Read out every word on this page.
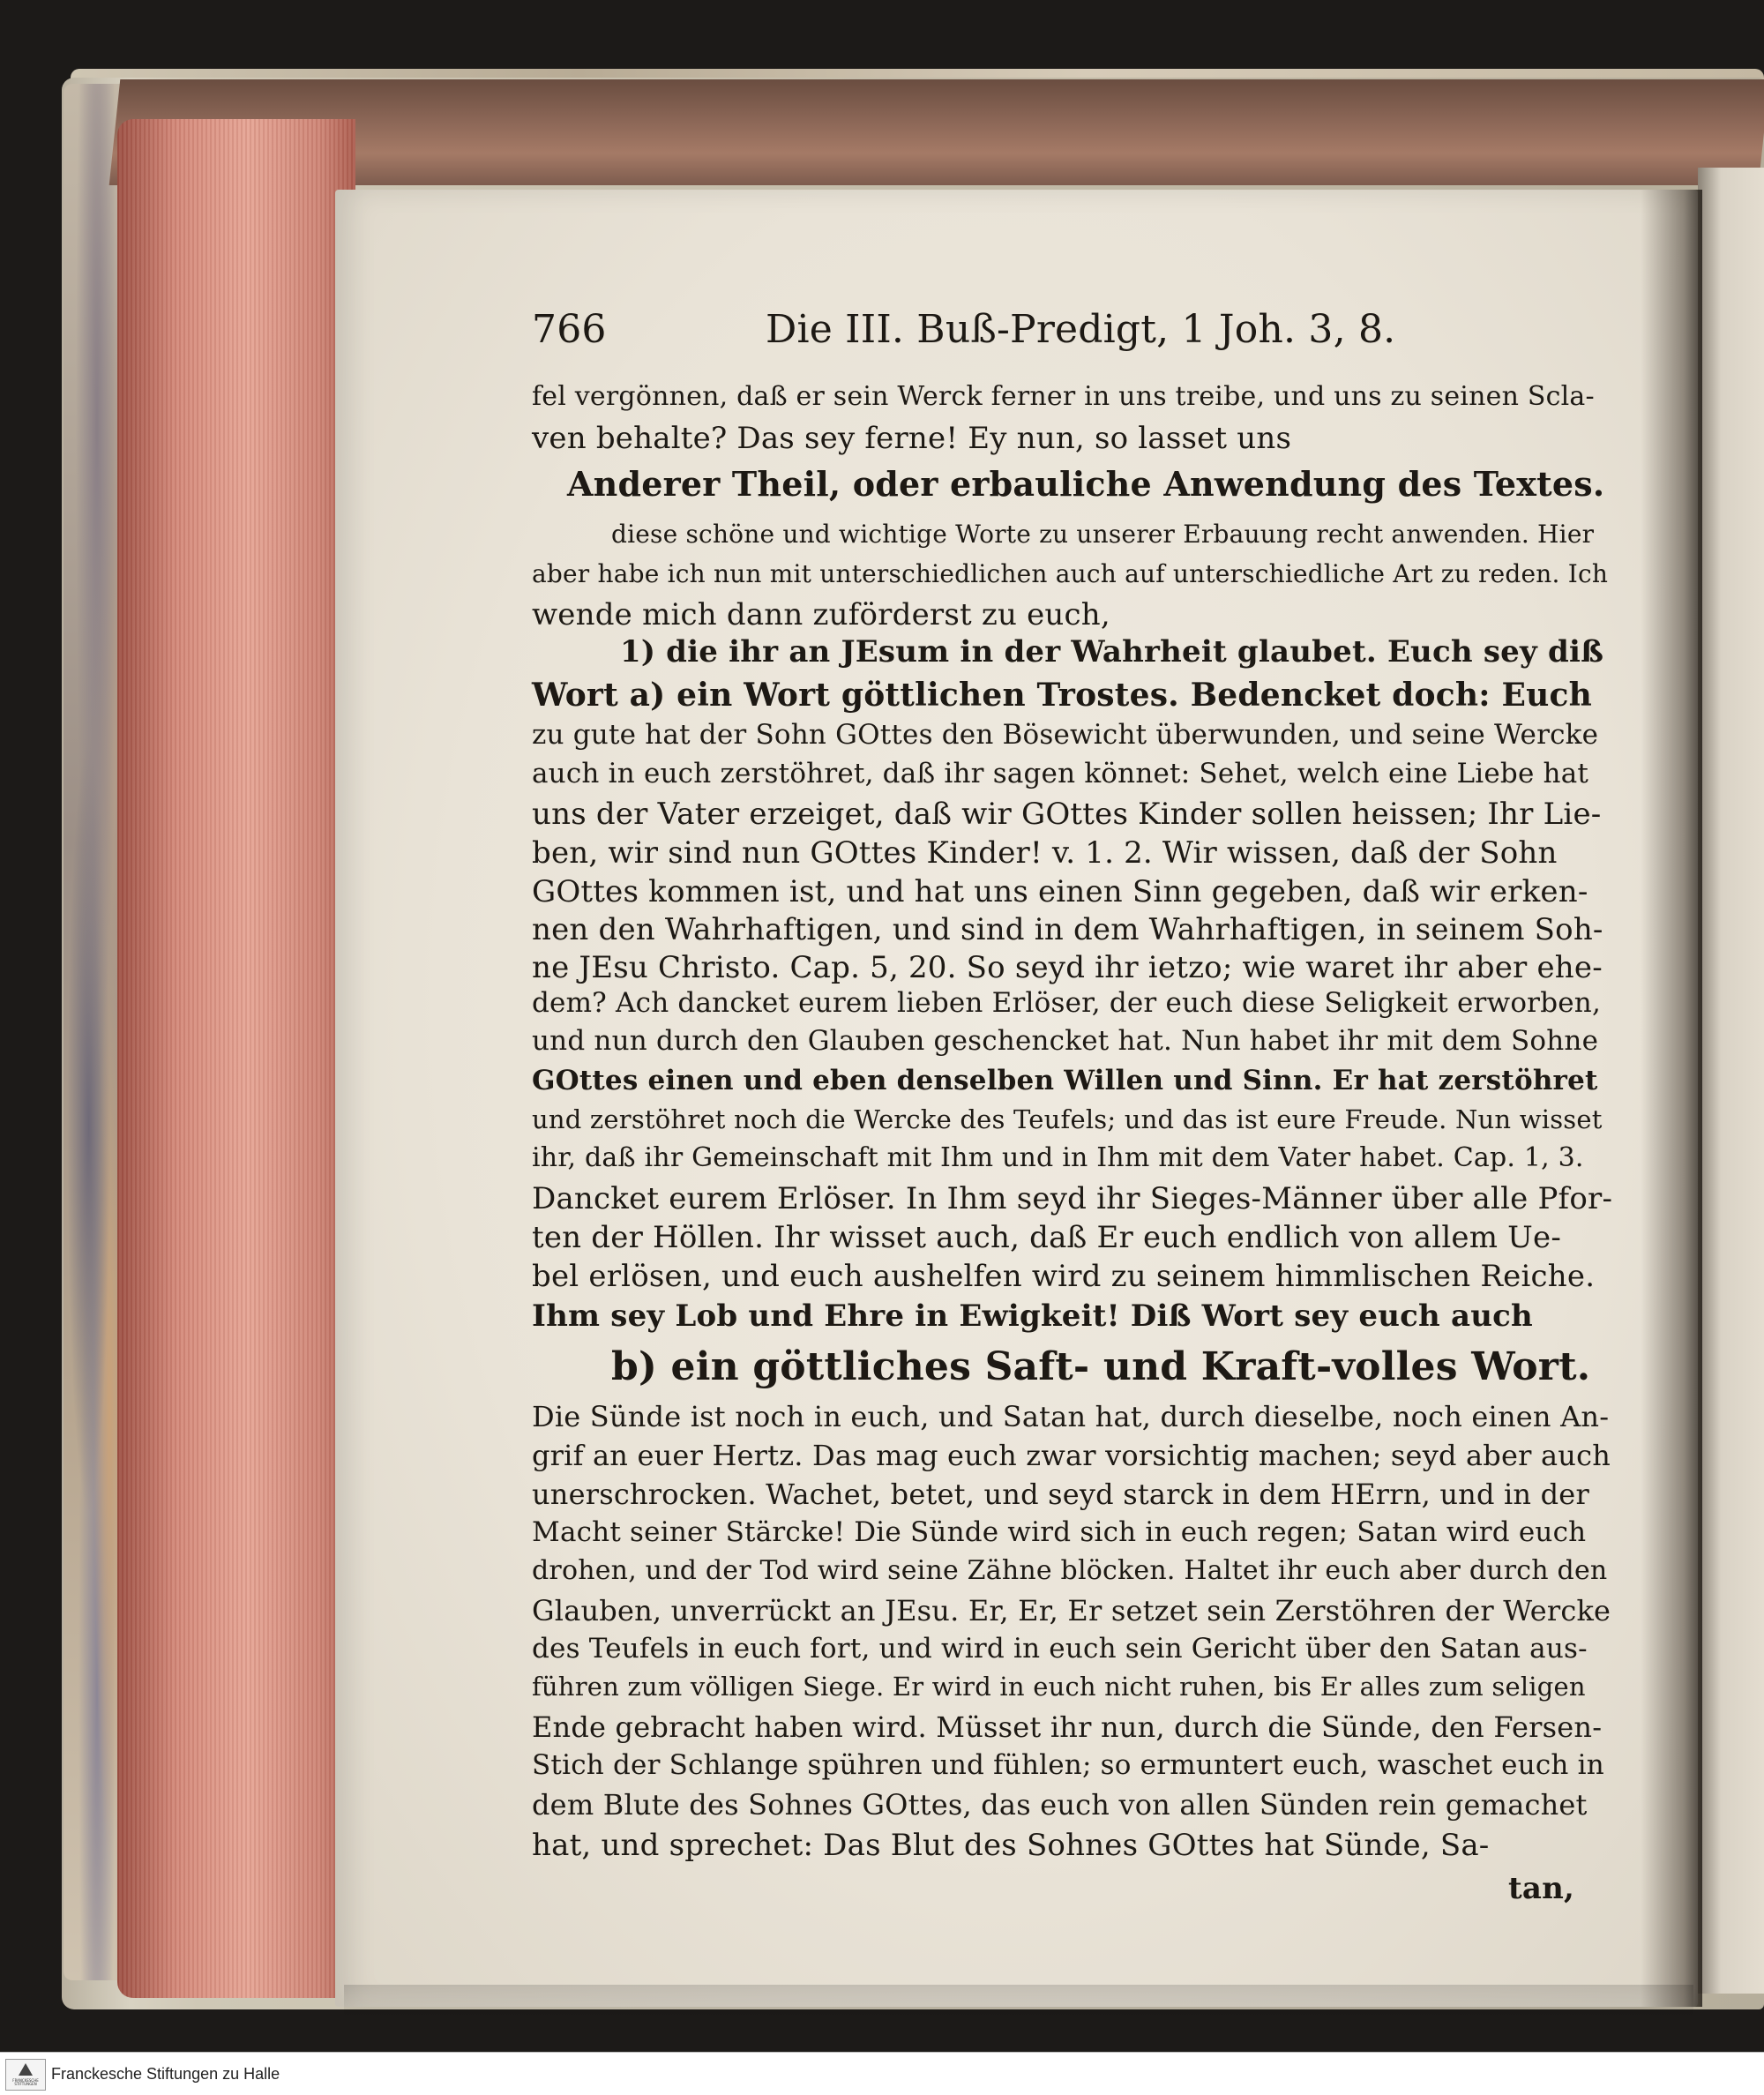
766	Die III. Buß-Predigt, 1 Joh. 3, 8.
fel vergönnen, daß er sein Werck ferner in uns treibe, und uns zu seinen Scla-
ven behalte? Das sey ferne! Ey nun, so lasset uns
Anderer Theil, oder erbauliche Anwendung des Textes.
diese schöne und wichtige Worte zu unserer Erbauung recht anwenden. Hier
aber habe ich nun mit unterschiedlichen auch auf unterschiedliche Art zu reden. Ich
wende mich dann zuförderst zu euch,
1) die ihr an JEsum in der Wahrheit glaubet. Euch sey diß
Wort a) ein Wort göttlichen Trostes. Bedencket doch: Euch
zu gute hat der Sohn GOttes den Bösewicht überwunden, und seine Wercke
auch in euch zerstöhret, daß ihr sagen könnet: Sehet, welch eine Liebe hat
uns der Vater erzeiget, daß wir GOttes Kinder sollen heissen; Ihr Lie-
ben, wir sind nun GOttes Kinder! v. 1. 2. Wir wissen, daß der Sohn
GOttes kommen ist, und hat uns einen Sinn gegeben, daß wir erken-
nen den Wahrhaftigen, und sind in dem Wahrhaftigen, in seinem Soh-
ne JEsu Christo. Cap. 5, 20. So seyd ihr ietzo; wie waret ihr aber ehe-
dem? Ach dancket eurem lieben Erlöser, der euch diese Seligkeit erworben,
und nun durch den Glauben geschencket hat. Nun habet ihr mit dem Sohne
GOttes einen und eben denselben Willen und Sinn. Er hat zerstöhret
und zerstöhret noch die Wercke des Teufels; und das ist eure Freude. Nun wisset
ihr, daß ihr Gemeinschaft mit Ihm und in Ihm mit dem Vater habet. Cap. 1, 3.
Dancket eurem Erlöser. In Ihm seyd ihr Sieges-Männer über alle Pfor-
ten der Höllen. Ihr wisset auch, daß Er euch endlich von allem Ue-
bel erlösen, und euch aushelfen wird zu seinem himmlischen Reiche.
Ihm sey Lob und Ehre in Ewigkeit! Diß Wort sey euch auch
b) ein göttliches Saft- und Kraft-volles Wort.
Die Sünde ist noch in euch, und Satan hat, durch dieselbe, noch einen An-
grif an euer Hertz. Das mag euch zwar vorsichtig machen; seyd aber auch
unerschrocken. Wachet, betet, und seyd starck in dem HErrn, und in der
Macht seiner Stärcke! Die Sünde wird sich in euch regen; Satan wird euch
drohen, und der Tod wird seine Zähne blöcken. Haltet ihr euch aber durch den
Glauben, unverrückt an JEsu. Er, Er, Er setzet sein Zerstöhren der Wercke
des Teufels in euch fort, und wird in euch sein Gericht über den Satan aus-
führen zum völligen Siege. Er wird in euch nicht ruhen, bis Er alles zum seligen
Ende gebracht haben wird. Müsset ihr nun, durch die Sünde, den Fersen-
Stich der Schlange spühren und fühlen; so ermuntert euch, waschet euch in
dem Blute des Sohnes GOttes, das euch von allen Sünden rein gemachet
hat, und sprechet: Das Blut des Sohnes GOttes hat Sünde, Sa-
tan,
FRANCKESCHE STIFTUNGEN
Franckesche Stiftungen zu Halle
